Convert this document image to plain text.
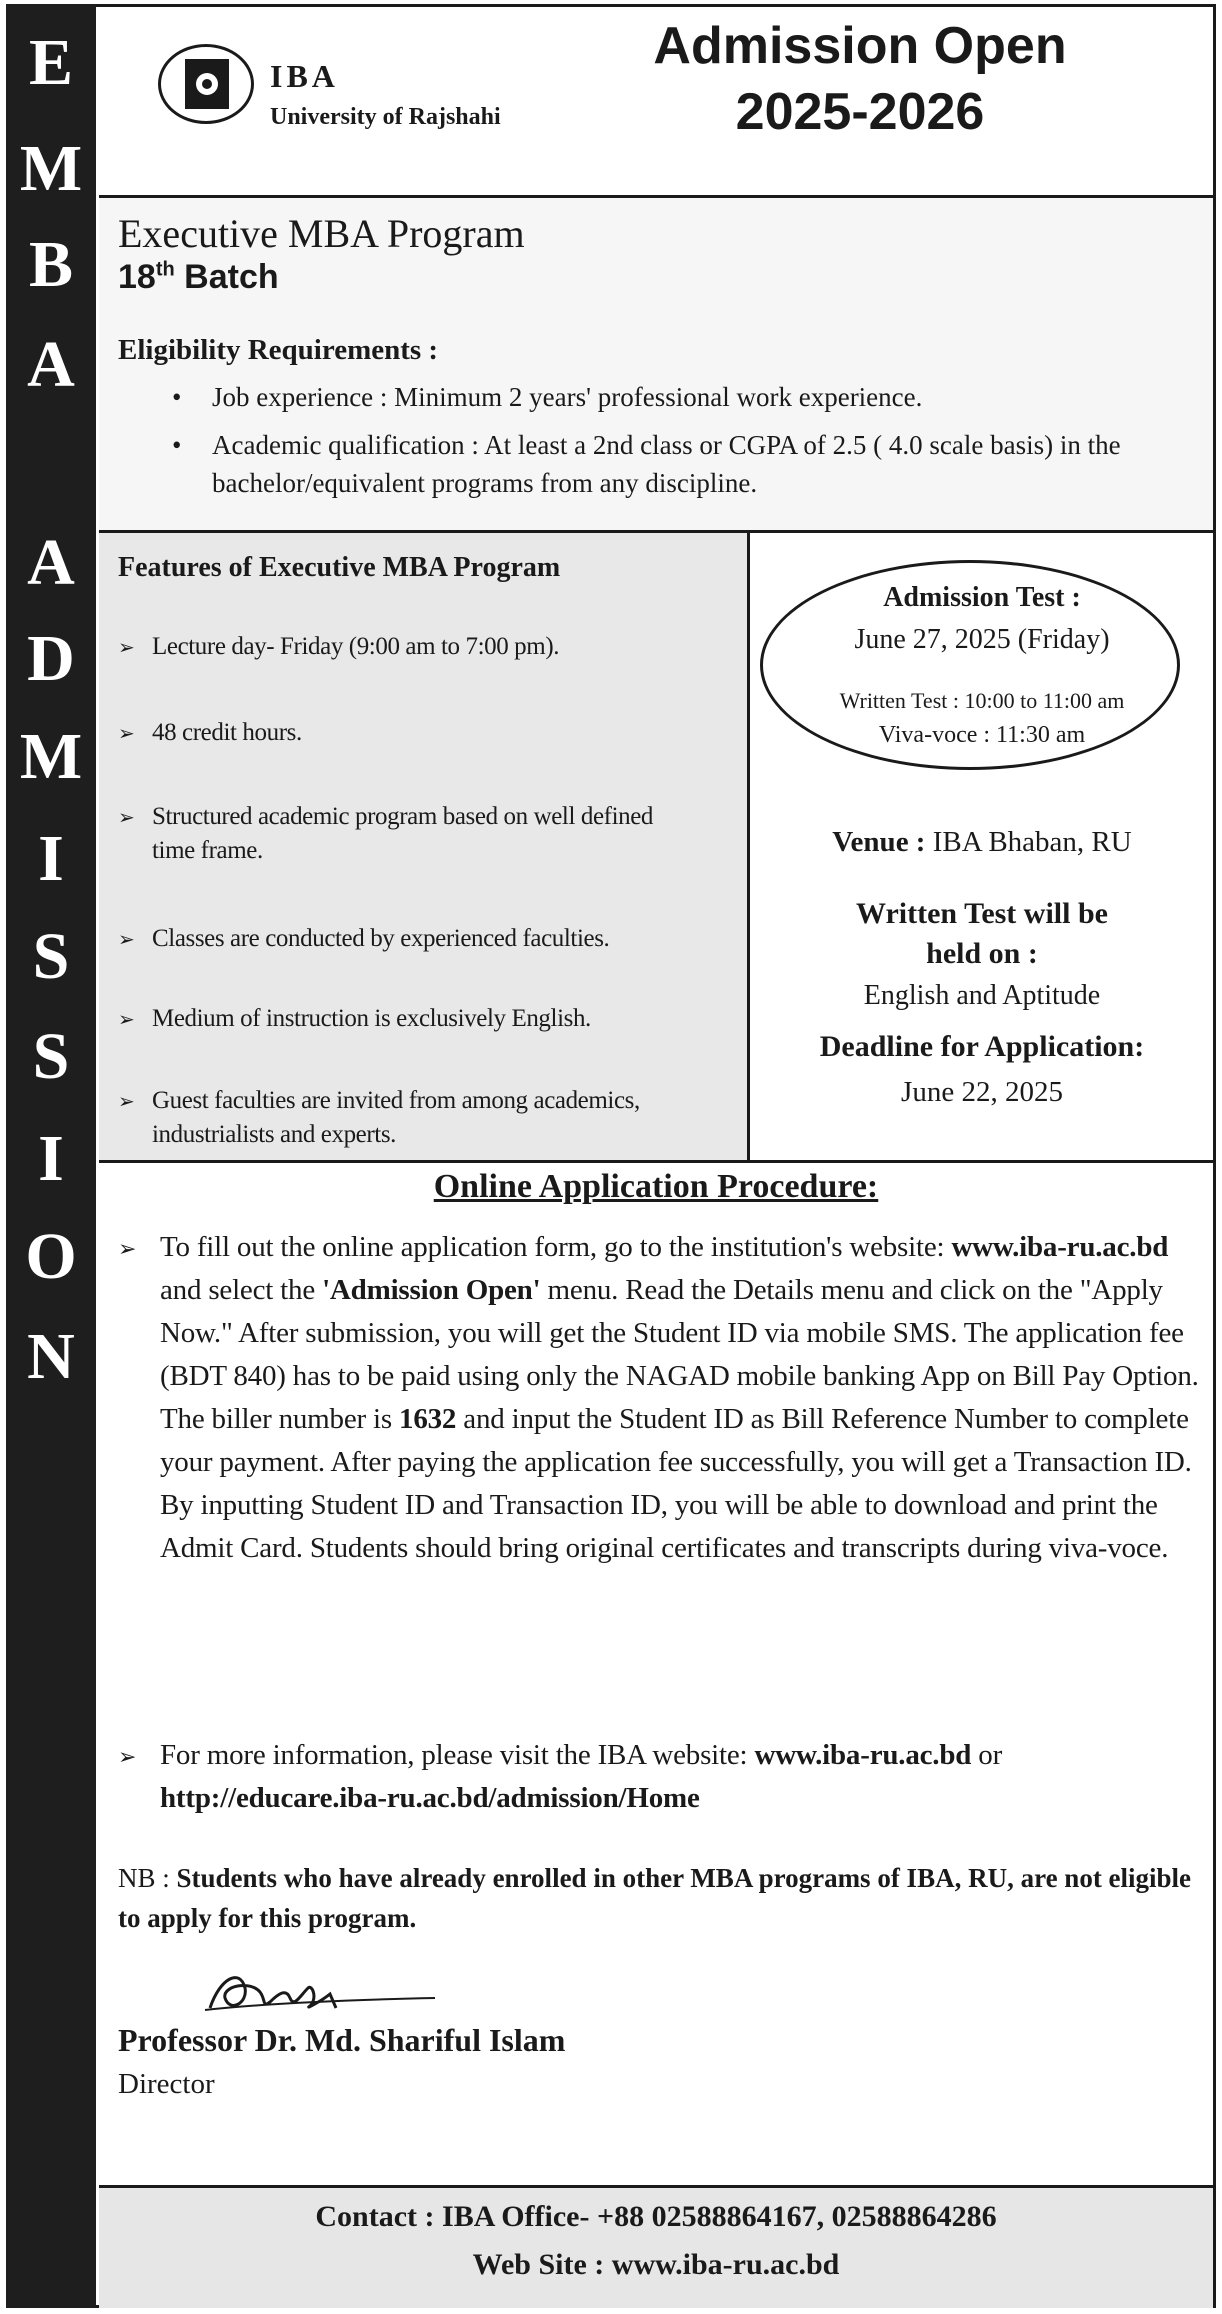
E
M
B
A
A
D
M
I
S
S
I
O
N
IBA
University of Rajshahi
Admission Open
2025-2026
Executive MBA Program
18th Batch
Eligibility Requirements :
• Job experience : Minimum 2 years' professional work experience.
• Academic qualification : At least a 2nd class or CGPA of 2.5 ( 4.0 scale basis) in the bachelor/equivalent programs from any discipline.
Features of Executive MBA Program
➢ Lecture day- Friday (9:00 am to 7:00 pm).
➢ 48 credit hours.
➢ Structured academic program based on well defined time frame.
➢ Classes are conducted by experienced faculties.
➢ Medium of instruction is exclusively English.
➢ Guest faculties are invited from among academics, industrialists and experts.
Admission Test :
June 27, 2025 (Friday)
Written Test : 10:00 to 11:00 am
Viva-voce : 11:30 am
Venue : IBA Bhaban, RU
Written Test will be
held on :
English and Aptitude
Deadline for Application:
June 22, 2025
Online Application Procedure:
➢ To fill out the online application form, go to the institution's website: www.iba-ru.ac.bd and select the 'Admission Open' menu. Read the Details menu and click on the "Apply Now." After submission, you will get the Student ID via mobile SMS. The application fee (BDT 840) has to be paid using only the NAGAD mobile banking App on Bill Pay Option. The biller number is 1632 and input the Student ID as Bill Reference Number to complete your payment. After paying the application fee successfully, you will get a Transaction ID. By inputting Student ID and Transaction ID, you will be able to download and print the Admit Card. Students should bring original certificates and transcripts during viva-voce.
➢ For more information, please visit the IBA website: www.iba-ru.ac.bd or http://educare.iba-ru.ac.bd/admission/Home
NB : Students who have already enrolled in other MBA programs of IBA, RU, are not eligible to apply for this program.
Professor Dr. Md. Shariful Islam
Director
Contact : IBA Office- +88 02588864167, 02588864286
Web Site : www.iba-ru.ac.bd
